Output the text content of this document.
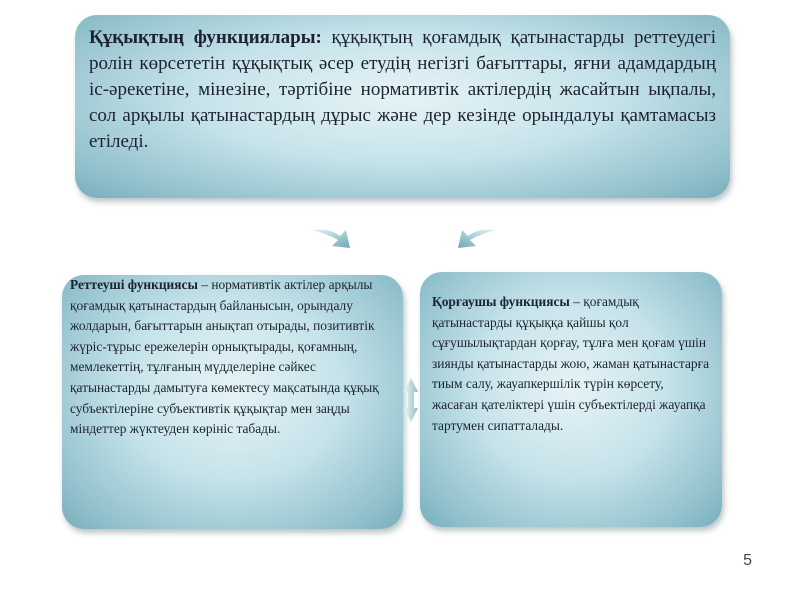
Құқықтың функциялары: құқықтың қоғамдық қатынастарды реттеудегі ролін көрсететін құқықтық әсер етудің негізгі бағыттары, яғни адамдардың іс-әрекетіне, мінезіне, тәртібіне нормативтік актілердің жасайтын ықпалы, сол арқылы қатынастардың дұрыс және дер кезінде орындалуы қамтамасыз етіледі.

Реттеуші функциясы – нормативтік актілер арқылы қоғамдық қатынастардың байланысын, орындалу жолдарын, бағыттарын анықтап отырады, позитивтік жүріс-тұрыс ережелерін орнықтырады, қоғамның, мемлекеттің, тұлғаның мүдделеріне сәйкес қатынастарды дамытуға көмектесу мақсатында құқық субъектілеріне субъективтік құқықтар мен заңды міндеттер жүктеуден көрініс табады.

Қорғаушы функциясы – қоғамдық қатынастарды құқыққа қайшы қол сұғушылықтардан қорғау, тұлға мен қоғам үшін зиянды қатынастарды жою, жаман қатынастарға тиым салу, жауапкершілік түрін көрсету, жасаған қателіктері үшін субъектілерді жауапқа тартумен сипатталады.

5
